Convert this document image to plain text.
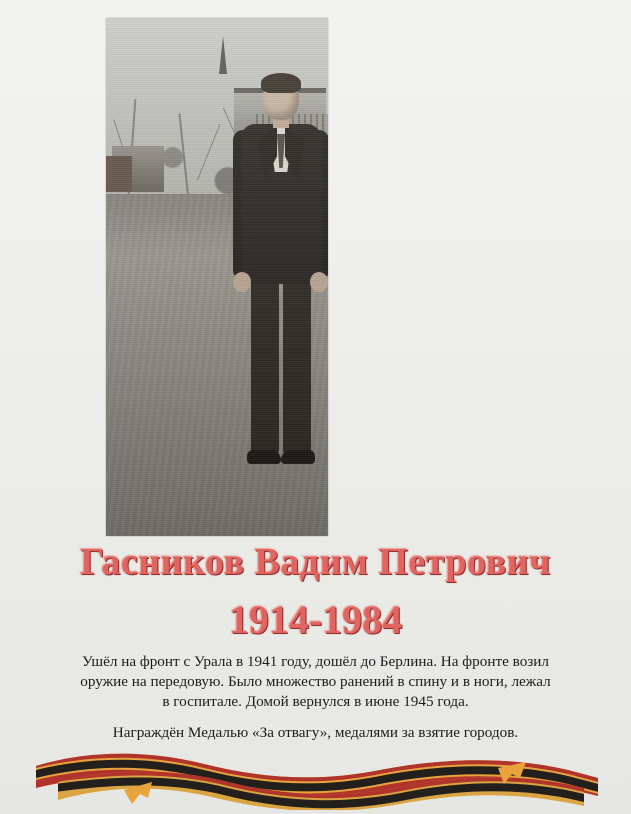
Гасников Вадим Петрович
1914-1984

Ушёл на фронт с Урала в 1941 году, дошёл до Берлина. На фронте возил

оружие на передовую. Было множество ранений в спину и в ноги, лежал

в госпитале. Домой вернулся в июне 1945 года.

Награждён Медалью «За отвагу», медалями за взятие городов.
